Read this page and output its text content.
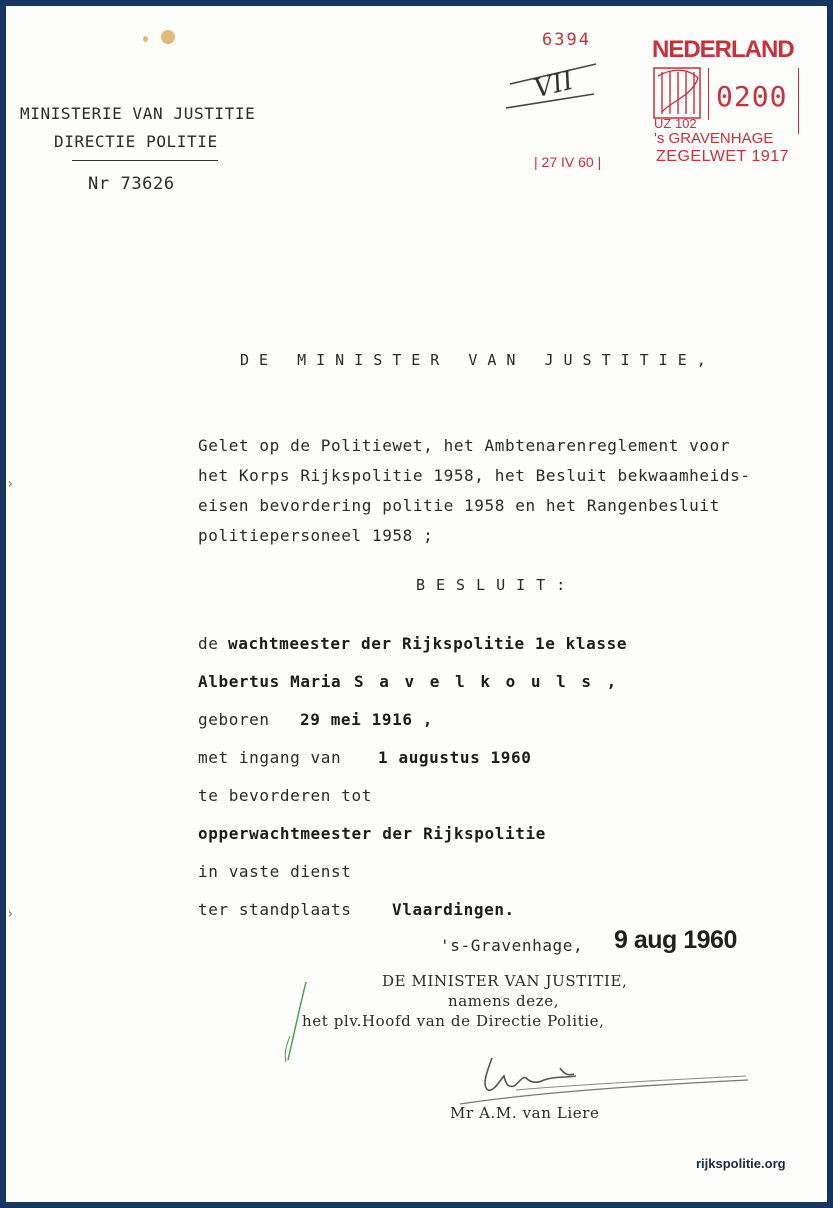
MINISTERIE VAN JUSTITIE
DIRECTIE POLITIE
Nr 73626
6394
VII
| 27 IV 60 |
NEDERLAND
0200
UZ 102
's GRAVENHAGE
ZEGELWET 1917
DE MINISTER VAN JUSTITIE,
Gelet op de Politiewet, het Ambtenarenreglement voor
het Korps Rijkspolitie 1958, het Besluit bekwaamheids-
eisen bevordering politie 1958 en het Rangenbesluit
politiepersoneel 1958 ;
BESLUIT:
de wachtmeester der Rijkspolitie 1e klasse
Albertus Maria S a v e l k o u l s ,
geboren 29 mei 1916 ,
met ingang van 1 augustus 1960
te bevorderen tot
opperwachtmeester der Rijkspolitie
in vaste dienst
ter standplaats	Vlaardingen.
's-Gravenhage, 9 aug 1960
DE MINISTER VAN JUSTITIE,
namens deze,
het plv.Hoofd van de Directie Politie,
Mr A.M. van Liere
rijkspolitie.org
›
›
